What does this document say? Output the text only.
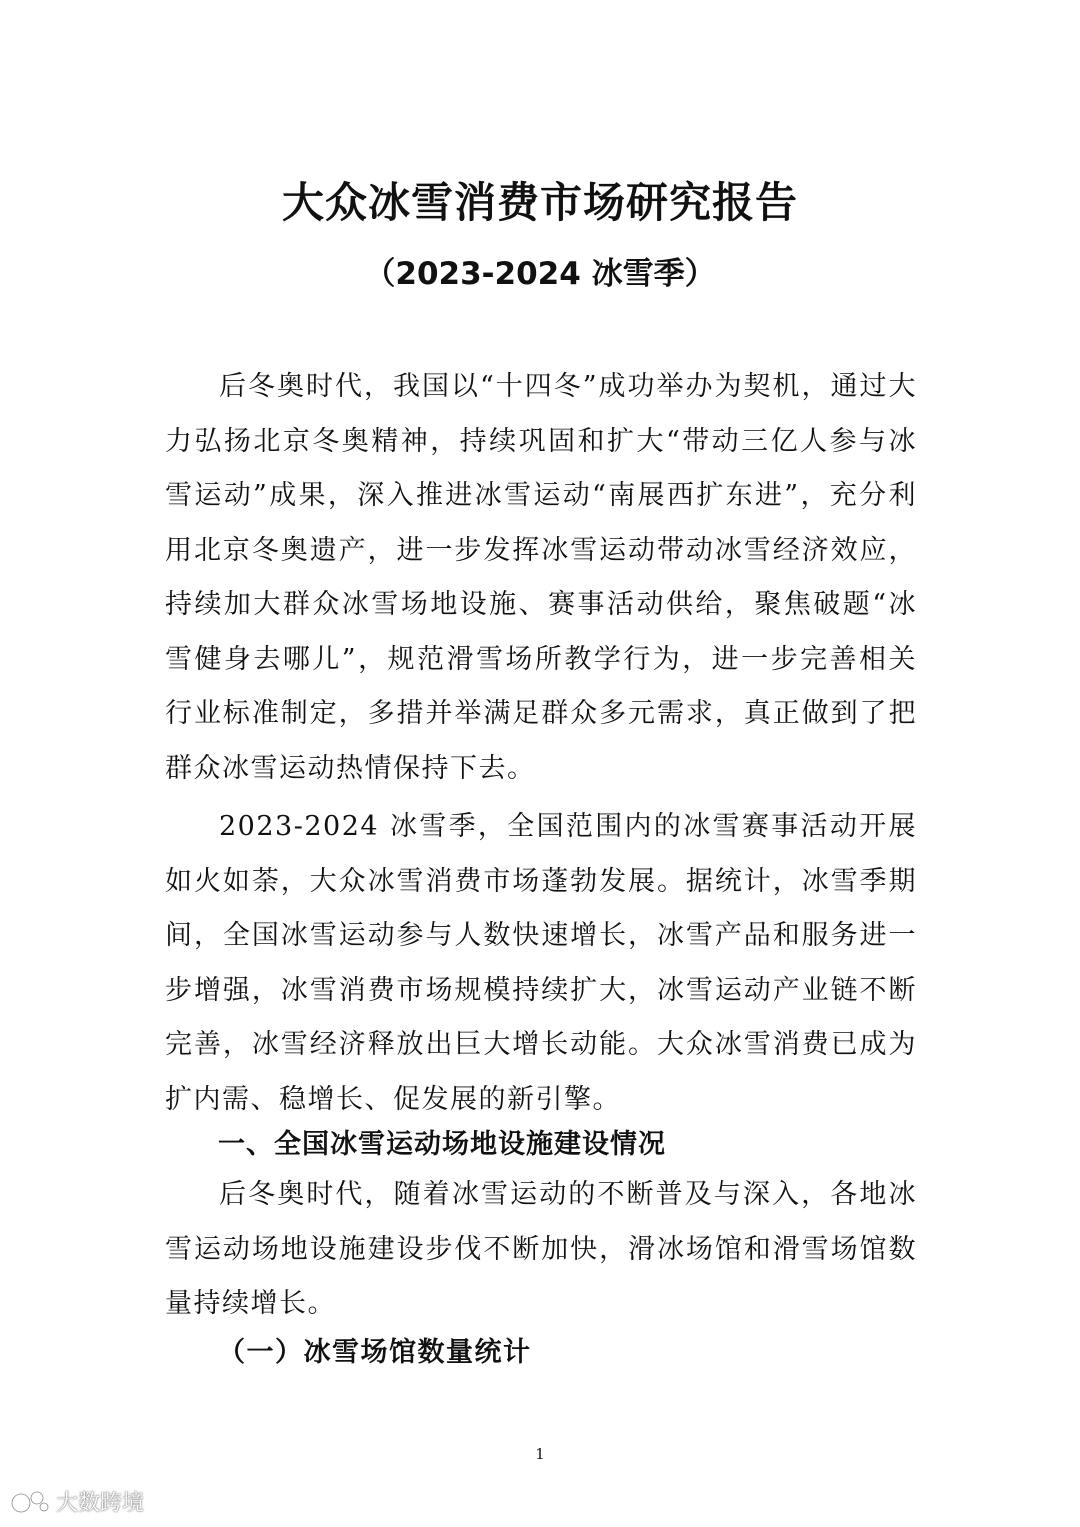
大众冰雪消费市场研究报告
（2023-2024 冰雪季）

后冬奥时代，我国以“十四冬”成功举办为契机，通过大力弘扬北京冬奥精神，持续巩固和扩大“带动三亿人参与冰雪运动”成果，深入推进冰雪运动“南展西扩东进”，充分利用北京冬奥遗产，进一步发挥冰雪运动带动冰雪经济效应，持续加大群众冰雪场地设施、赛事活动供给，聚焦破题“冰雪健身去哪儿”，规范滑雪场所教学行为，进一步完善相关行业标准制定，多措并举满足群众多元需求，真正做到了把群众冰雪运动热情保持下去。

2023-2024 冰雪季，全国范围内的冰雪赛事活动开展如火如荼，大众冰雪消费市场蓬勃发展。据统计，冰雪季期间，全国冰雪运动参与人数快速增长，冰雪产品和服务进一步增强，冰雪消费市场规模持续扩大，冰雪运动产业链不断完善，冰雪经济释放出巨大增长动能。大众冰雪消费已成为扩内需、稳增长、促发展的新引擎。

一、全国冰雪运动场地设施建设情况

后冬奥时代，随着冰雪运动的不断普及与深入，各地冰雪运动场地设施建设步伐不断加快，滑冰场馆和滑雪场馆数量持续增长。

（一）冰雪场馆数量统计
1
大数跨境
